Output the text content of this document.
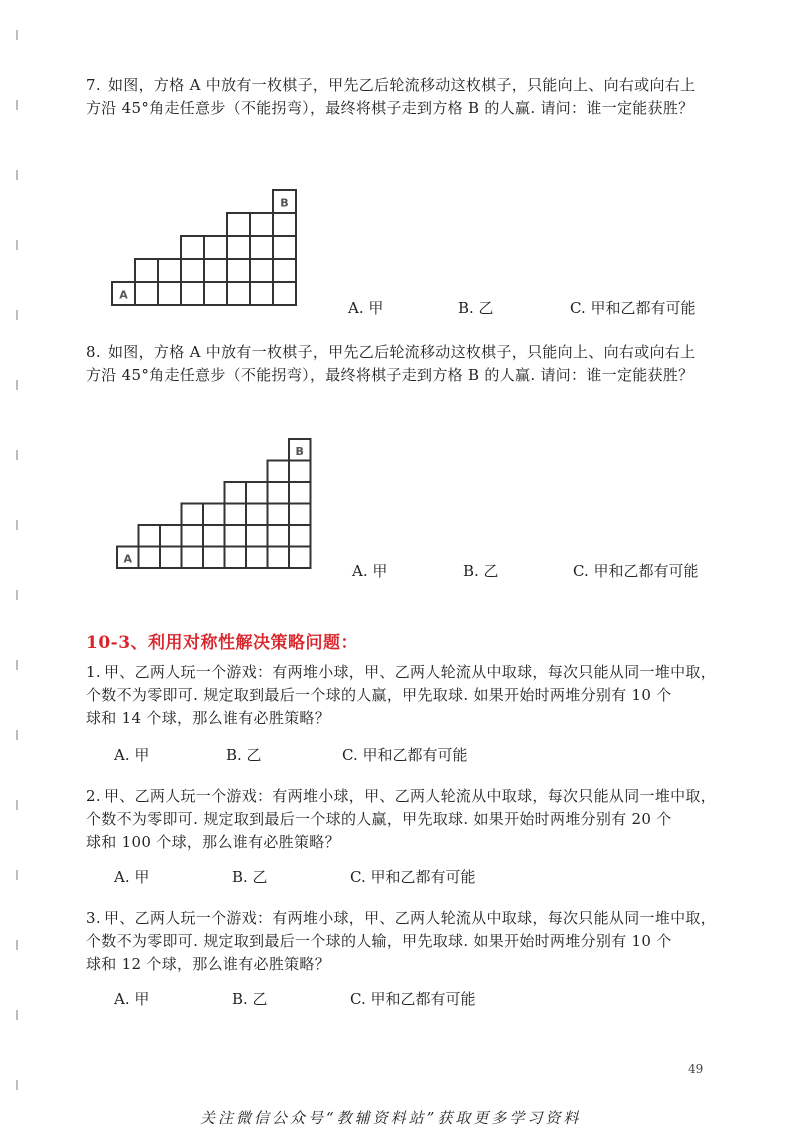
7. 如图，方格 A 中放有一枚棋子，甲先乙后轮流移动这枚棋子，只能向上、向右或向右上
方沿 45°角走任意步（不能拐弯），最终将棋子走到方格 B 的人赢. 请问：谁一定能获胜？
A
B
A. 甲	B. 乙	C. 甲和乙都有可能
8. 如图，方格 A 中放有一枚棋子，甲先乙后轮流移动这枚棋子，只能向上、向右或向右上
方沿 45°角走任意步（不能拐弯），最终将棋子走到方格 B 的人赢. 请问：谁一定能获胜？
A
B
A. 甲	B. 乙	C. 甲和乙都有可能
10-3、利用对称性解决策略问题：
1. 甲、乙两人玩一个游戏：有两堆小球，甲、乙两人轮流从中取球，每次只能从同一堆中取，
个数不为零即可. 规定取到最后一个球的人赢，甲先取球. 如果开始时两堆分别有 10 个
球和 14 个球，那么谁有必胜策略？
A. 甲	B. 乙	C. 甲和乙都有可能
2. 甲、乙两人玩一个游戏：有两堆小球，甲、乙两人轮流从中取球，每次只能从同一堆中取，
个数不为零即可. 规定取到最后一个球的人赢，甲先取球. 如果开始时两堆分别有 20 个
球和 100 个球，那么谁有必胜策略？
A. 甲	B. 乙	C. 甲和乙都有可能
3. 甲、乙两人玩一个游戏：有两堆小球，甲、乙两人轮流从中取球，每次只能从同一堆中取，
个数不为零即可. 规定取到最后一个球的人输，甲先取球. 如果开始时两堆分别有 10 个
球和 12 个球，那么谁有必胜策略？
A. 甲	B. 乙	C. 甲和乙都有可能
49
关注微信公众号“教辅资料站”获取更多学习资料
